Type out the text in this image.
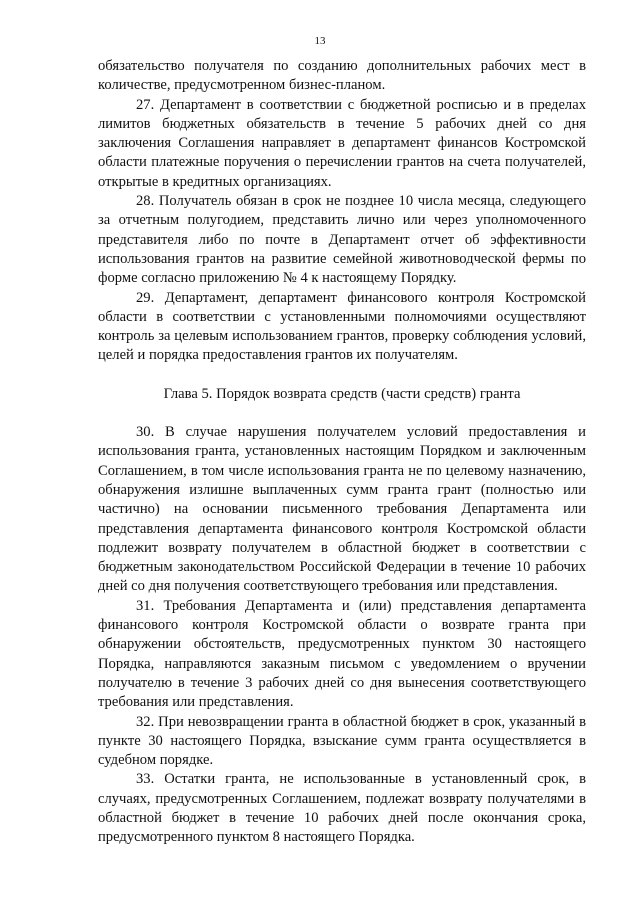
13

обязательство получателя по созданию дополнительных рабочих мест в количестве, предусмотренном бизнес-планом.

27. Департамент в соответствии с бюджетной росписью и в пределах лимитов бюджетных обязательств в течение 5 рабочих дней со дня заключения Соглашения направляет в департамент финансов Костромской области платежные поручения о перечислении грантов на счета получателей, открытые в кредитных организациях.

28. Получатель обязан в срок не позднее 10 числа месяца, следующего за отчетным полугодием, представить лично или через уполномоченного представителя либо по почте в Департамент отчет об эффективности использования грантов на развитие семейной животноводческой фермы по форме согласно приложению № 4 к настоящему Порядку.

29. Департамент, департамент финансового контроля Костромской области в соответствии с установленными полномочиями осуществляют контроль за целевым использованием грантов, проверку соблюдения условий, целей и порядка предоставления грантов их получателям.

Глава 5. Порядок возврата средств (части средств) гранта

30. В случае нарушения получателем условий предоставления и использования гранта, установленных настоящим Порядком и заключенным Соглашением, в том числе использования гранта не по целевому назначению, обнаружения излишне выплаченных сумм гранта грант (полностью или частично) на основании письменного требования Департамента или представления департамента финансового контроля Костромской области подлежит возврату получателем в областной бюджет в соответствии с бюджетным законодательством Российской Федерации в течение 10 рабочих дней со дня получения соответствующего требования или представления.

31. Требования Департамента и (или) представления департамента финансового контроля Костромской области о возврате гранта при обнаружении обстоятельств, предусмотренных пунктом 30 настоящего Порядка, направляются заказным письмом с уведомлением о вручении получателю в течение 3 рабочих дней со дня вынесения соответствующего требования или представления.

32. При невозвращении гранта в областной бюджет в срок, указанный в пункте 30 настоящего Порядка, взыскание сумм гранта осуществляется в судебном порядке.

33. Остатки гранта, не использованные в установленный срок, в случаях, предусмотренных Соглашением, подлежат возврату получателями в областной бюджет в течение 10 рабочих дней после окончания срока, предусмотренного пунктом 8 настоящего Порядка.
